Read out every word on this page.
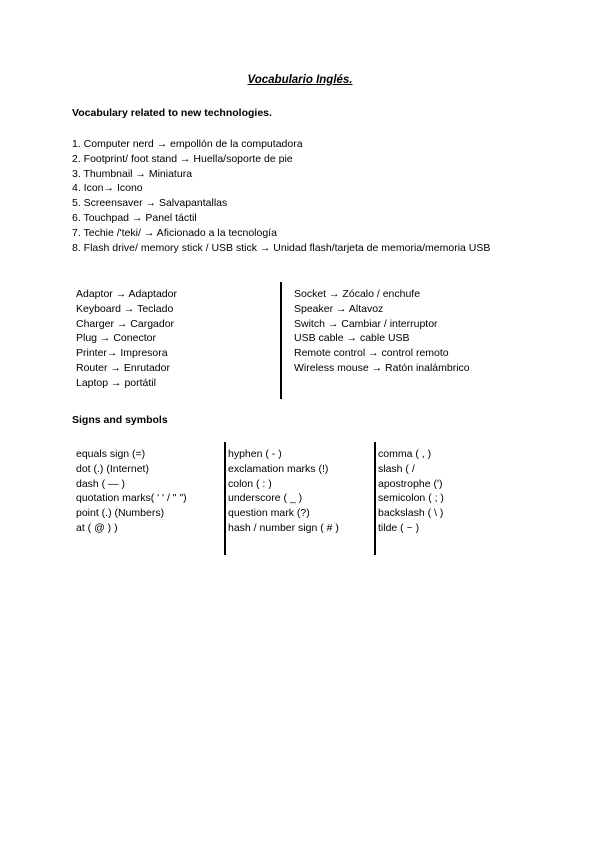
Vocabulario Inglés.
Vocabulary related to new technologies.
1. Computer nerd → empollón de la computadora
2. Footprint/ foot stand → Huella/soporte de pie
3. Thumbnail → Miniatura
4. Icon→ Icono
5. Screensaver → Salvapantallas
6. Touchpad → Panel táctil
7. Techie /'teki/ → Aficionado a la tecnología
8. Flash drive/ memory stick / USB stick → Unidad flash/tarjeta de memoria/memoria USB
Adaptor → Adaptador
Keyboard → Teclado
Charger → Cargador
Plug → Conector
Printer→ Impresora
Router → Enrutador
Laptop → portátil
Socket → Zócalo / enchufe
Speaker → Altavoz
Switch → Cambiar / interruptor
USB cable → cable USB
Remote control → control remoto
Wireless mouse → Ratón inalámbrico
Signs and symbols
equals sign (=)
dot (.) (Internet)
dash ( — )
quotation marks( ' ' / " ")
point (.) (Numbers)
at ( @ ) )
hyphen ( - )
exclamation marks (!)
colon ( : )
underscore ( _ )
question mark (?)
hash / number sign ( # )
comma ( , )
slash ( /
apostrophe (')
semicolon ( ; )
backslash ( \ )
tilde ( ~ )
